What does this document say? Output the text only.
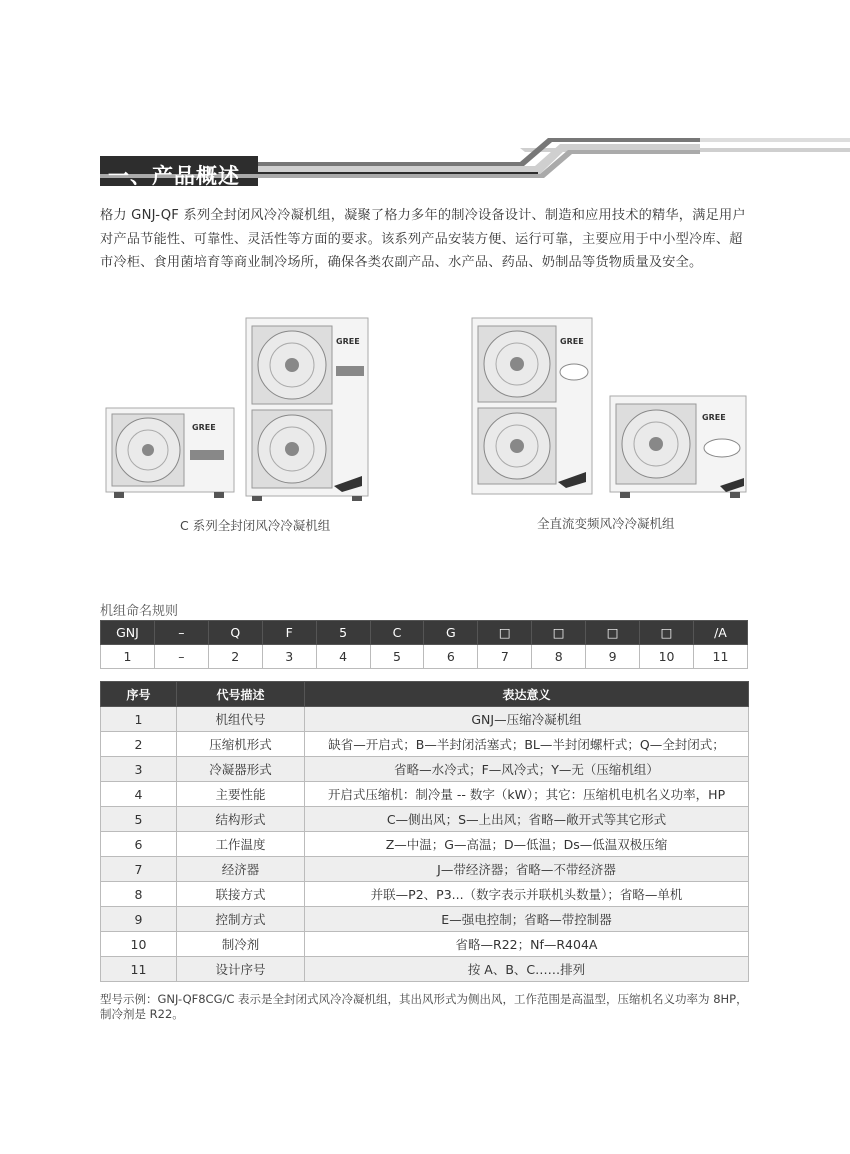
一、产品概述

格力 GNJ-QF 系列全封闭风冷冷凝机组，凝聚了格力多年的制冷设备设计、制造和应用技术的精华，满足用户对产品节能性、可靠性、灵活性等方面的要求。该系列产品安装方便、运行可靠，主要应用于中小型冷库、超市冷柜、食用菌培育等商业制冷场所，确保各类农副产品、水产品、药品、奶制品等货物质量及安全。

GREE
GREE
C 系列全封闭风冷冷凝机组
GREE
GREE
全直流变频风冷冷凝机组
机组命名规则
GNJ	–	Q	F	5	C	G	□	□	□	□	/A
1	–	2	3	4	5	6	7	8	9	10	11
序号	代号描述	表达意义
1	机组代号	GNJ—压缩冷凝机组
2	压缩机形式	缺省—开启式；B—半封闭活塞式；BL—半封闭螺杆式；Q—全封闭式；
3	冷凝器形式	省略—水冷式；F—风冷式；Y—无（压缩机组）
4	主要性能	开启式压缩机：制冷量 -- 数字（kW）；其它：压缩机电机名义功率，HP
5	结构形式	C—侧出风；S—上出风；省略—敞开式等其它形式
6	工作温度	Z—中温；G—高温；D—低温；Ds—低温双极压缩
7	经济器	J—带经济器；省略—不带经济器
8	联接方式	并联—P2、P3...（数字表示并联机头数量）；省略—单机
9	控制方式	E—强电控制；省略—带控制器
10	制冷剂	省略—R22；Nf—R404A
11	设计序号	按 A、B、C……排列

型号示例：GNJ-QF8CG/C 表示是全封闭式风冷冷凝机组，其出风形式为侧出风，工作范围是高温型，压缩机名义功率为 8HP，制冷剂是 R22。
